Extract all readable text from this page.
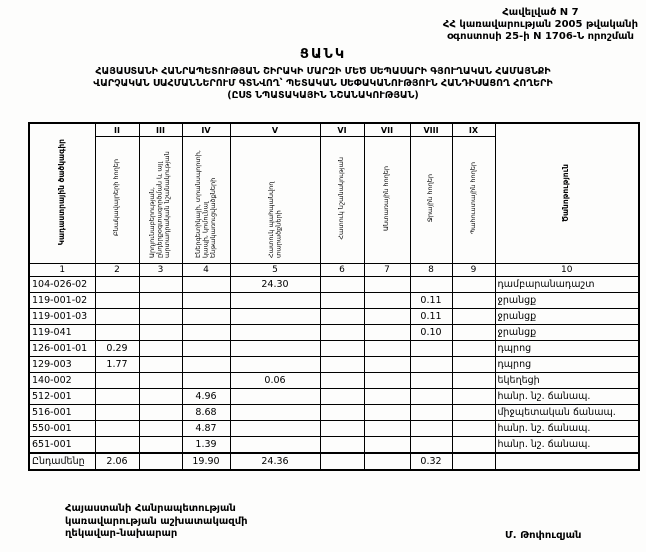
Հավելված N 7
ՀՀ կառավարության 2005 թվականի
օգոստոսի 25-ի N 1706-Ն որոշման
ՑԱՆԿ
ՀԱՅԱՍՏԱՆԻ ՀԱՆՐԱՊԵՏՈՒԹՅԱՆ ՇԻՐԱԿԻ ՄԱՐԶԻ ՄԵԾ ՍԵՊԱՍԱՐԻ ԳՅՈՒՂԱԿԱՆ ՀԱՄԱՅՆՔԻ
ՎԱՐՉԱԿԱՆ ՍԱՀՄԱՆՆԵՐՈՒՄ ԳՏՆՎՈՂ՝ ՊԵՏԱԿԱՆ ՍԵՓԱԿԱՆՈՒԹՅՈՒՆ ՀԱՆԴԻՍԱՑՈՂ ՀՈՂԵՐԻ
(ԸՍՏ ՆՊԱՏԱԿԱՅԻՆ ՆՇԱՆԱԿՈՒԹՅԱՆ)
Կադաստրային ծածկագիր	II	III	IV	V	VI	VII	VIII	IX	Ծանոթություն
	Բնակավայրերի հողեր	Արդյունաբերության, ընդերքօգտագործման և այլ արտադրական նշանակության	Էներգետիկայի, տրանսպորտի, կապի, կոմունալ ենթակառուցվածքների	Հատուկ պահպանվող տարածքների	Հատուկ նշանակության	Անտառային հողեր	Ջրային հողեր	Պահուստային հողեր	
1	2	3	4	5	6	7	8	9	10
104-026-02				24.30					դամբարանադաշտ
119-001-02							0.11		ջրանցք
119-001-03							0.11		ջրանցք
119-041							0.10		ջրանցք
126-001-01	0.29								դպրոց
129-003	1.77								դպրոց
140-002				0.06					եկեղեցի
512-001			4.96						հանր. նշ. ճանապ.
516-001			8.68						միջպետական ճանապ.
550-001			4.87						հանր. նշ. ճանապ.
651-001			1.39						հանր. նշ. ճանապ.
Ընդամենը	2.06		19.90	24.36			0.32		
Հայաստանի Հանրապետության
կառավարության աշխատակազմի
ղեկավար-նախարար	Մ. Թոփուզյան
